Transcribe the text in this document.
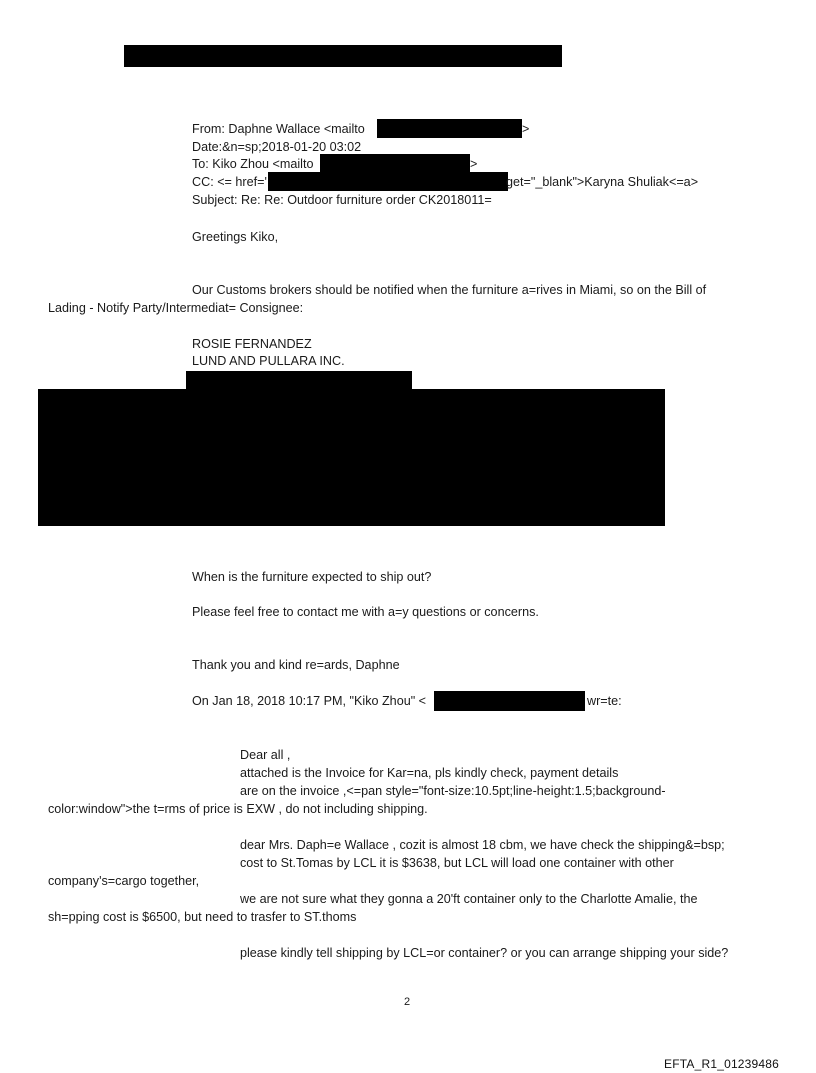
From: Daphne Wallace <mailto	>
Date:&n=sp;2018-01-20 03:02
To: Kiko Zhou <mailto	>
CC: <= href='	get="_blank">Karyna Shuliak<=a>
Subject: Re: Re: Outdoor furniture order CK2018011=
Greetings Kiko,
Our Customs brokers should be notified when the furniture a=rives in Miami, so on the Bill of
Lading - Notify Party/Intermediat= Consignee:
ROSIE FERNANDEZ
LUND AND PULLARA INC.
When is the furniture expected to ship out?
Please feel free to contact me with a=y questions or concerns.
Thank you and kind re=ards, Daphne
On Jan 18, 2018 10:17 PM, "Kiko Zhou" <	wr=te:
Dear all ,
attached is the Invoice for Kar=na, pls kindly check, payment details
are on the invoice ,<=pan style="font-size:10.5pt;line-height:1.5;background-
color:window">the t=rms of price is EXW , do not including shipping.
dear Mrs. Daph=e Wallace , cozit is almost 18 cbm, we have check the shipping&=bsp;
cost to St.Tomas by LCL it is $3638, but LCL will load one container with other
company's=cargo together,
we are not sure what they gonna a 20'ft container only to the Charlotte Amalie, the
sh=pping cost is $6500, but need to trasfer to ST.thoms
please kindly tell shipping by LCL=or container? or you can arrange shipping your side?
2
EFTA_R1_01239486
